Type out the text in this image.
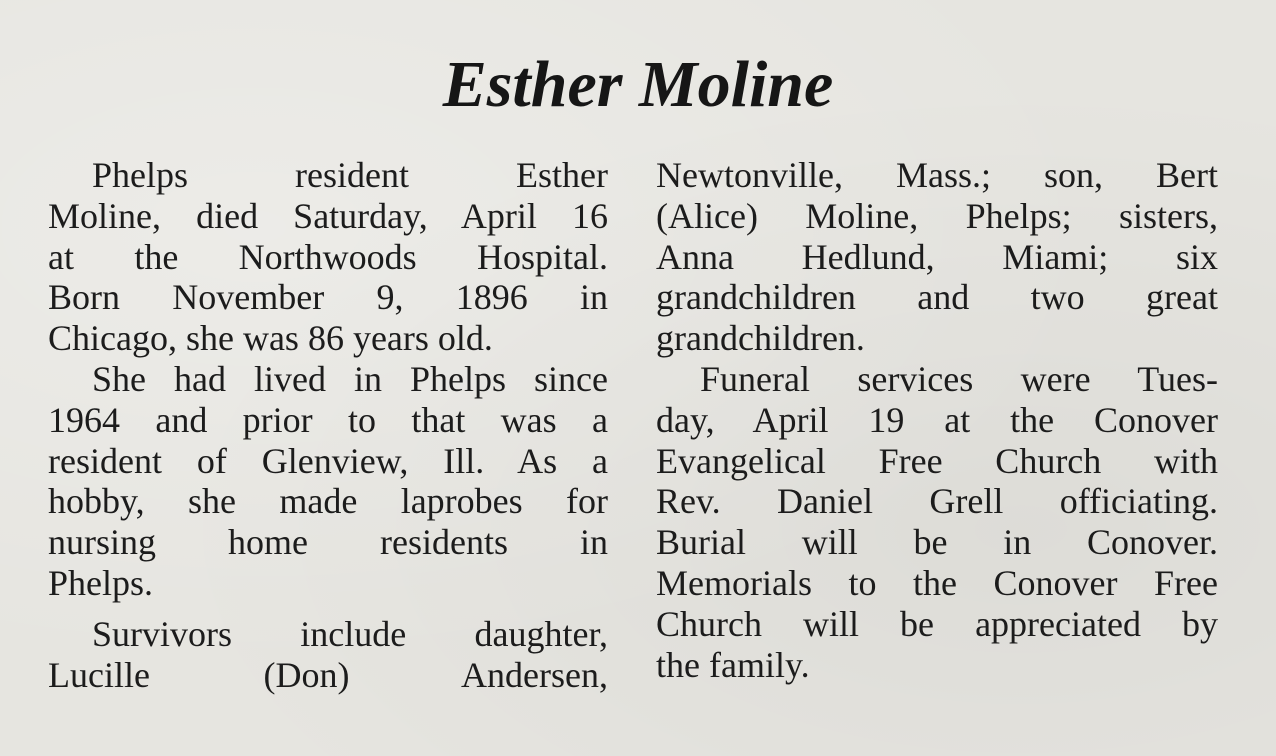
Esther Moline

Phelps resident Esther
Moline, died Saturday, April 16
at the Northwoods Hospital.
Born November 9, 1896 in
Chicago, she was 86 years old.

She had lived in Phelps since
1964 and prior to that was a
resident of Glenview, Ill. As a
hobby, she made laprobes for
nursing home residents in
Phelps.

Survivors include daughter,
Lucille (Don) Andersen,

Newtonville, Mass.; son, Bert
(Alice) Moline, Phelps; sisters,
Anna Hedlund, Miami; six
grandchildren and two great
grandchildren.

Funeral services were Tues-
day, April 19 at the Conover
Evangelical Free Church with
Rev. Daniel Grell officiating.
Burial will be in Conover.
Memorials to the Conover Free
Church will be appreciated by
the family.
